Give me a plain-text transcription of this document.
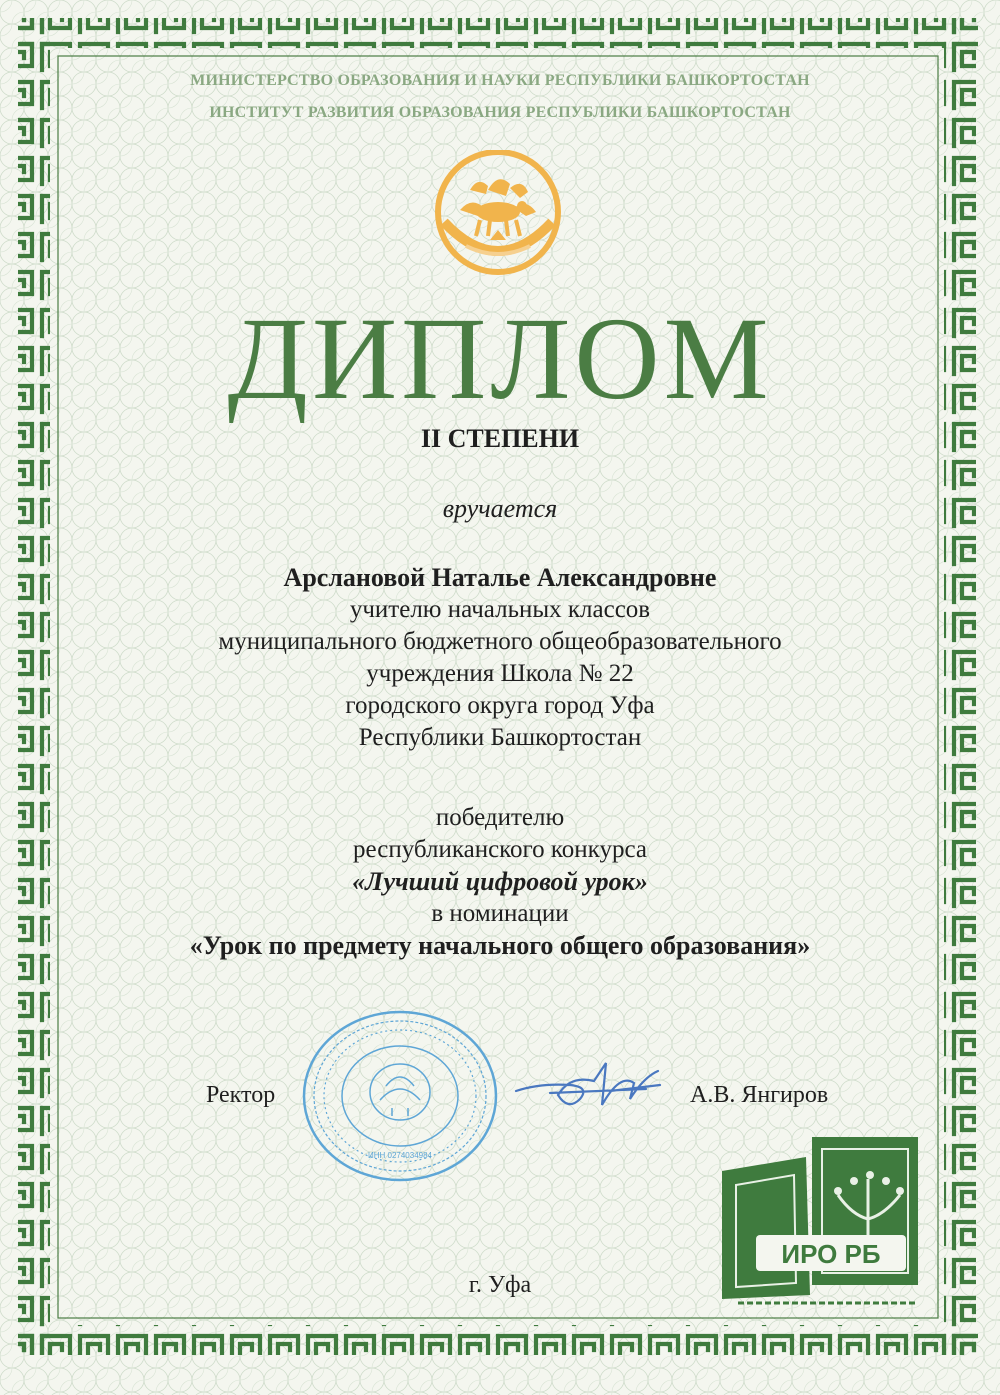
МИНИСТЕРСТВО ОБРАЗОВАНИЯ И НАУКИ РЕСПУБЛИКИ БАШКОРТОСТАН
ИНСТИТУТ РАЗВИТИЯ ОБРАЗОВАНИЯ РЕСПУБЛИКИ БАШКОРТОСТАН
ДИПЛОМ
II СТЕПЕНИ
вручается
Арслановой Наталье Александровне
учителю начальных классов
муниципального бюджетного общеобразовательного
учреждения Школа № 22
городского округа город Уфа
Республики Башкортостан
победителю
республиканского конкурса
«Лучший цифровой урок»
в номинации
«Урок по предмету начального общего образования»
ИНН 0274034984
Ректор	А.В. Янгиров
ИРО РБ
г. Уфа
